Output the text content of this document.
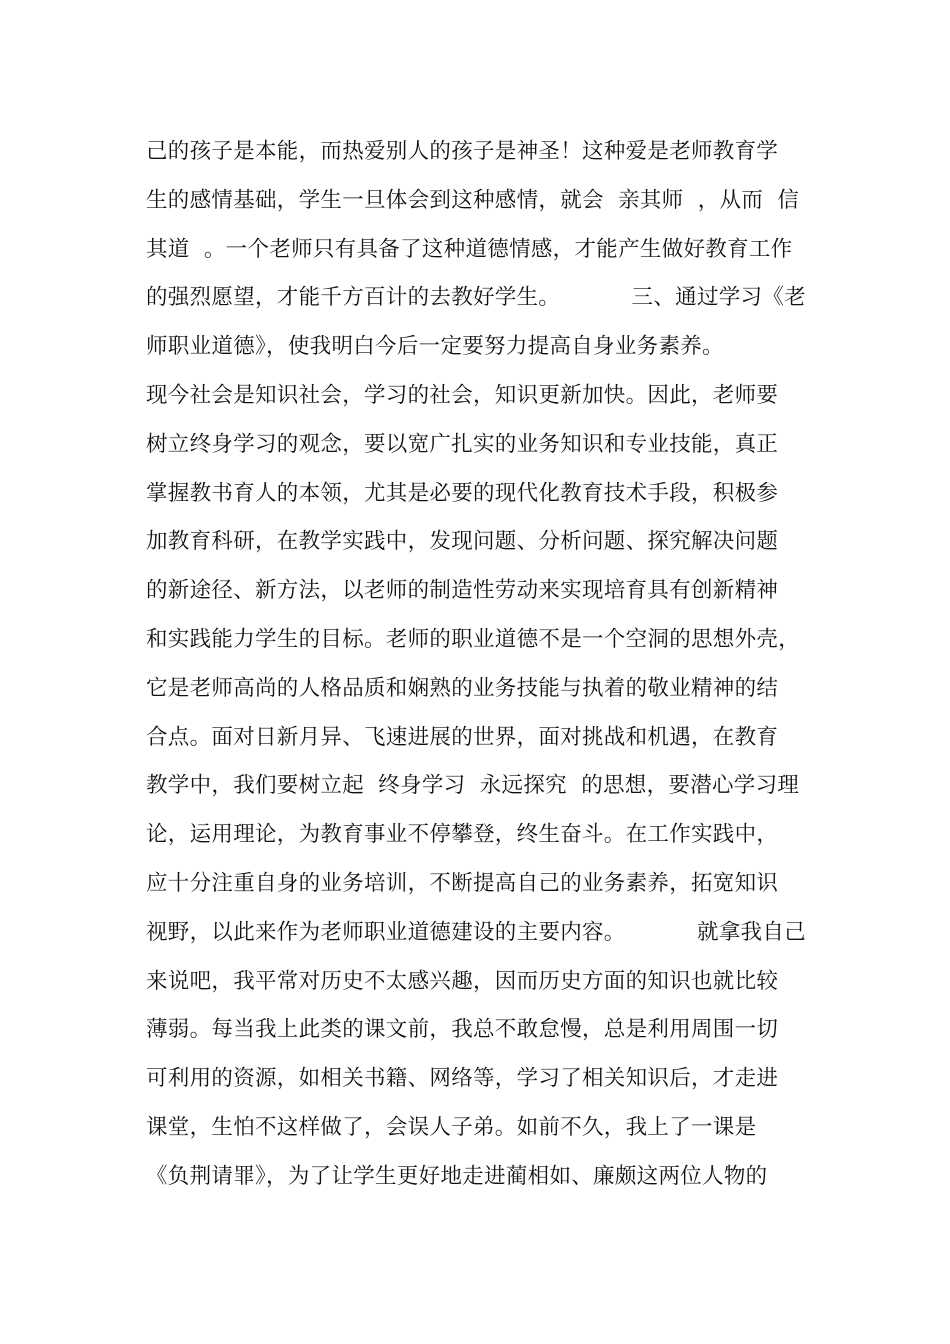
己的孩子是本能，而热爱别人的孩子是神圣！这种爱是老师教育学
生的感情基础，学生一旦体会到这种感情，就会  亲其师  ，从而  信
其道  。一个老师只有具备了这种道德情感，才能产生做好教育工作
的强烈愿望，才能千方百计的去教好学生。          三、通过学习《老
师职业道德》，使我明白今后一定要努力提高自身业务素养。
现今社会是知识社会，学习的社会，知识更新加快。因此，老师要
树立终身学习的观念，要以宽广扎实的业务知识和专业技能，真正
掌握教书育人的本领，尤其是必要的现代化教育技术手段，积极参
加教育科研，在教学实践中，发现问题、分析问题、探究解决问题
的新途径、新方法，以老师的制造性劳动来实现培育具有创新精神
和实践能力学生的目标。老师的职业道德不是一个空洞的思想外壳，
它是老师高尚的人格品质和娴熟的业务技能与执着的敬业精神的结
合点。面对日新月异、飞速进展的世界，面对挑战和机遇，在教育
教学中，我们要树立起  终身学习  永远探究  的思想，要潜心学习理
论，运用理论，为教育事业不停攀登，终生奋斗。在工作实践中，
应十分注重自身的业务培训，不断提高自己的业务素养，拓宽知识
视野，以此来作为老师职业道德建设的主要内容。          就拿我自己
来说吧，我平常对历史不太感兴趣，因而历史方面的知识也就比较
薄弱。每当我上此类的课文前，我总不敢怠慢，总是利用周围一切
可利用的资源，如相关书籍、网络等，学习了相关知识后，才走进
课堂，生怕不这样做了，会误人子弟。如前不久，我上了一课是
《负荆请罪》，为了让学生更好地走进蔺相如、廉颇这两位人物的
